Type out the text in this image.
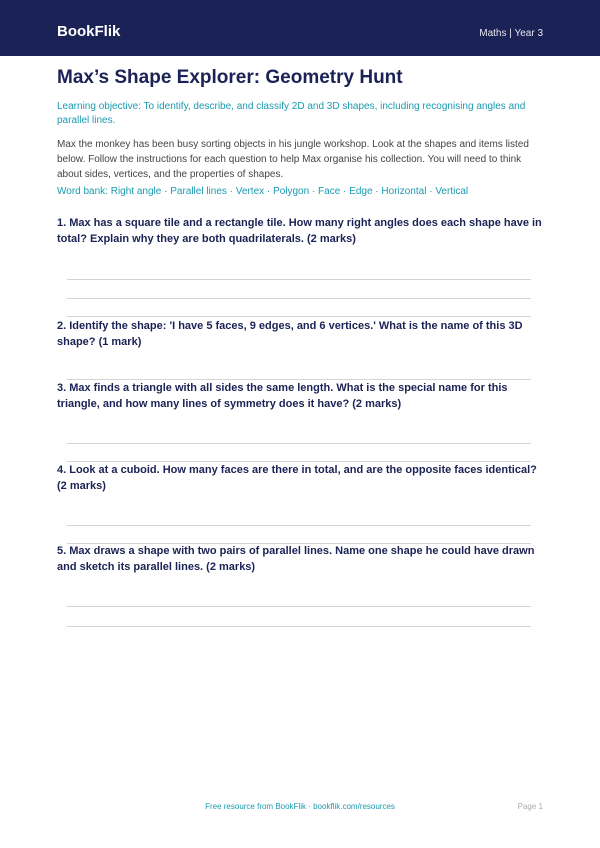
BookFlik	Maths | Year 3
Max’s Shape Explorer: Geometry Hunt
Learning objective: To identify, describe, and classify 2D and 3D shapes, including recognising angles and parallel lines.
Max the monkey has been busy sorting objects in his jungle workshop. Look at the shapes and items listed below. Follow the instructions for each question to help Max organise his collection. You will need to think about sides, vertices, and the properties of shapes.
Word bank: Right angle · Parallel lines · Vertex · Polygon · Face · Edge · Horizontal · Vertical
1. Max has a square tile and a rectangle tile. How many right angles does each shape have in total? Explain why they are both quadrilaterals. (2 marks)
2. Identify the shape: 'I have 5 faces, 9 edges, and 6 vertices.' What is the name of this 3D shape? (1 mark)
3. Max finds a triangle with all sides the same length. What is the special name for this triangle, and how many lines of symmetry does it have? (2 marks)
4. Look at a cuboid. How many faces are there in total, and are the opposite faces identical? (2 marks)
5. Max draws a shape with two pairs of parallel lines. Name one shape he could have drawn and sketch its parallel lines. (2 marks)
Free resource from BookFlik · bookflik.com/resources	Page 1
